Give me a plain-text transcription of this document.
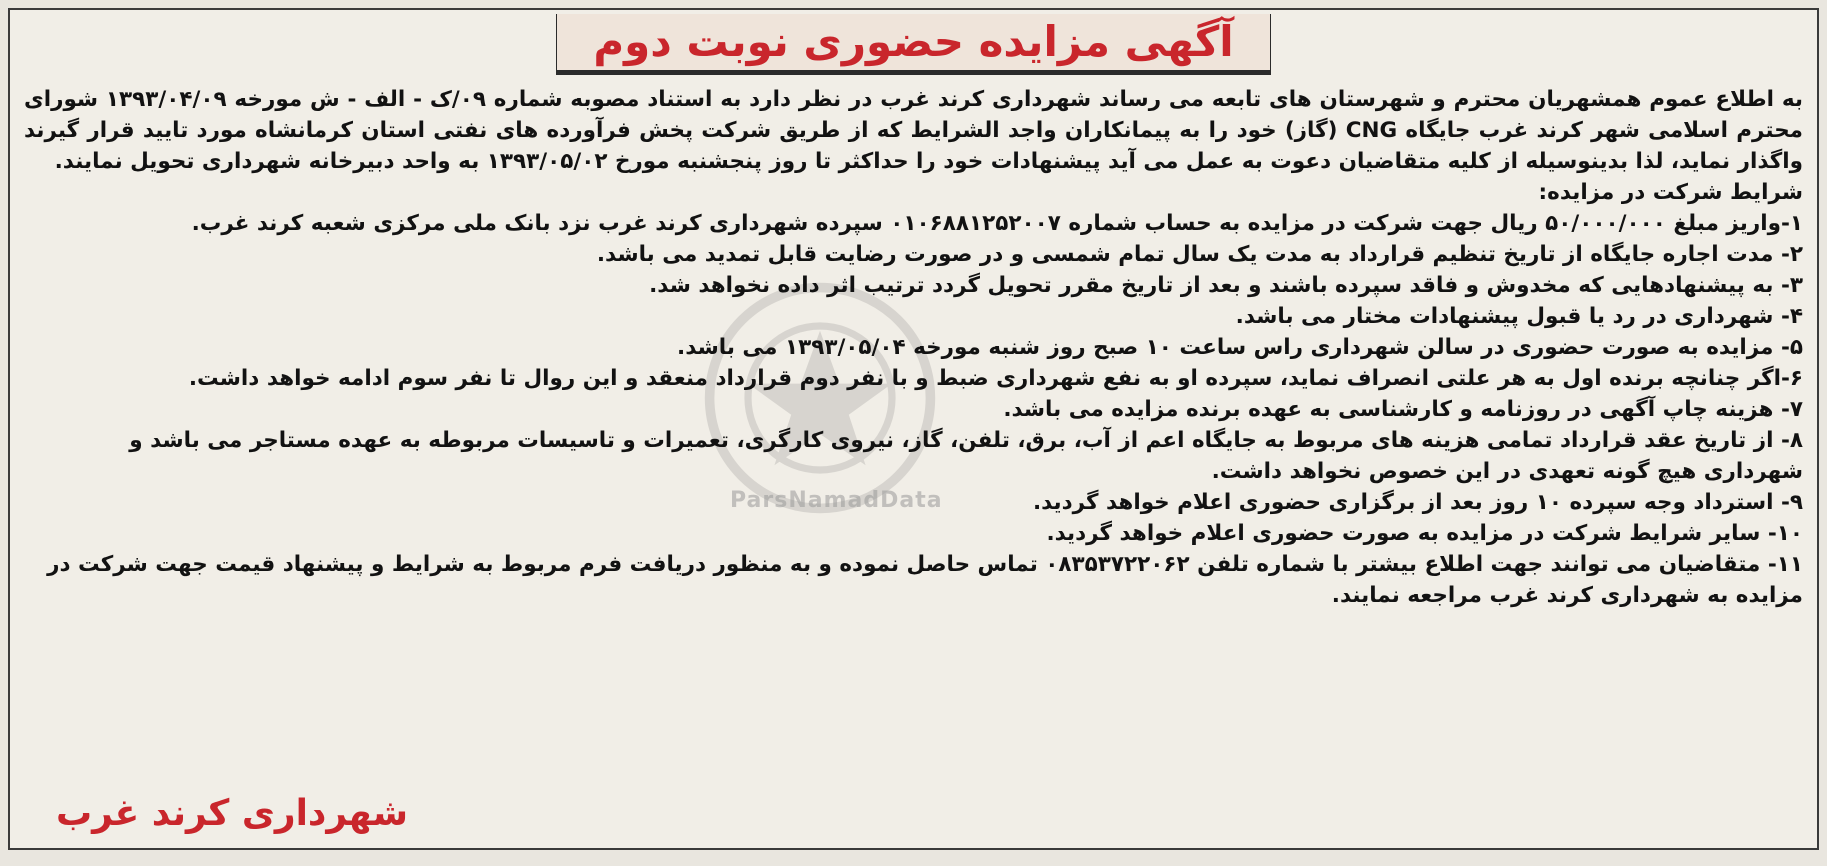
آگهی مزایده حضوری نوبت دوم
ParsNamadData

به اطلاع عموم همشهریان محترم و شهرستان های تابعه می رساند شهرداری کرند غرب در نظر دارد به استناد مصوبه شماره ۰۹/ک - الف - ش مورخه ۱۳۹۳/۰۴/۰۹ شورای محترم اسلامی شهر کرند غرب جایگاه CNG (گاز) خود را به پیمانکاران واجد الشرایط که از طریق شرکت پخش فرآورده های نفتی استان کرمانشاه مورد تایید قرار گیرند واگذار نماید، لذا بدینوسیله از کلیه متقاضیان دعوت به عمل می آید پیشنهادات خود را حداکثر تا روز پنجشنبه مورخ ۱۳۹۳/۰۵/۰۲ به واحد دبیرخانه شهرداری تحویل نمایند.

شرایط شرکت در مزایده:

۱-واریز مبلغ ۵۰/۰۰۰/۰۰۰ ریال جهت شرکت در مزایده به حساب شماره ۰۱۰۶۸۸۱۲۵۲۰۰۷ سپرده شهرداری کرند غرب نزد بانک ملی مرکزی شعبه کرند غرب.

۲- مدت اجاره جایگاه از تاریخ تنظیم قرارداد به مدت یک سال تمام شمسی و در صورت رضایت قابل تمدید می باشد.

۳- به پیشنهادهایی که مخدوش و فاقد سپرده باشند و بعد از تاریخ مقرر تحویل گردد ترتیب اثر داده نخواهد شد.

۴- شهرداری در رد یا قبول پیشنهادات مختار می باشد.

۵- مزایده به صورت حضوری در سالن شهرداری راس ساعت ۱۰ صبح روز شنبه مورخه ۱۳۹۳/۰۵/۰۴ می باشد.

۶-اگر چنانچه برنده اول به هر علتی انصراف نماید، سپرده او به نفع شهرداری ضبط و با نفر دوم قرارداد منعقد و این روال تا نفر سوم ادامه خواهد داشت.

۷- هزینه چاپ آگهی در روزنامه و کارشناسی به عهده برنده مزایده می باشد.

۸- از تاریخ عقد قرارداد تمامی هزینه های مربوط به جایگاه اعم از آب، برق، تلفن، گاز، نیروی کارگری، تعمیرات و تاسیسات مربوطه به عهده مستاجر می باشد و شهرداری هیچ گونه تعهدی در این خصوص نخواهد داشت.

۹- استرداد وجه سپرده ۱۰ روز بعد از برگزاری حضوری اعلام خواهد گردید.

۱۰- سایر شرایط شرکت در مزایده به صورت حضوری اعلام خواهد گردید.

۱۱- متقاضیان می توانند جهت اطلاع بیشتر با شماره تلفن ۰۸۳۵۳۷۲۲۰۶۲ تماس حاصل نموده و به منظور دریافت فرم مربوط به شرایط و پیشنهاد قیمت جهت شرکت در مزایده به شهرداری کرند غرب مراجعه نمایند.

شهرداری کرند غرب
